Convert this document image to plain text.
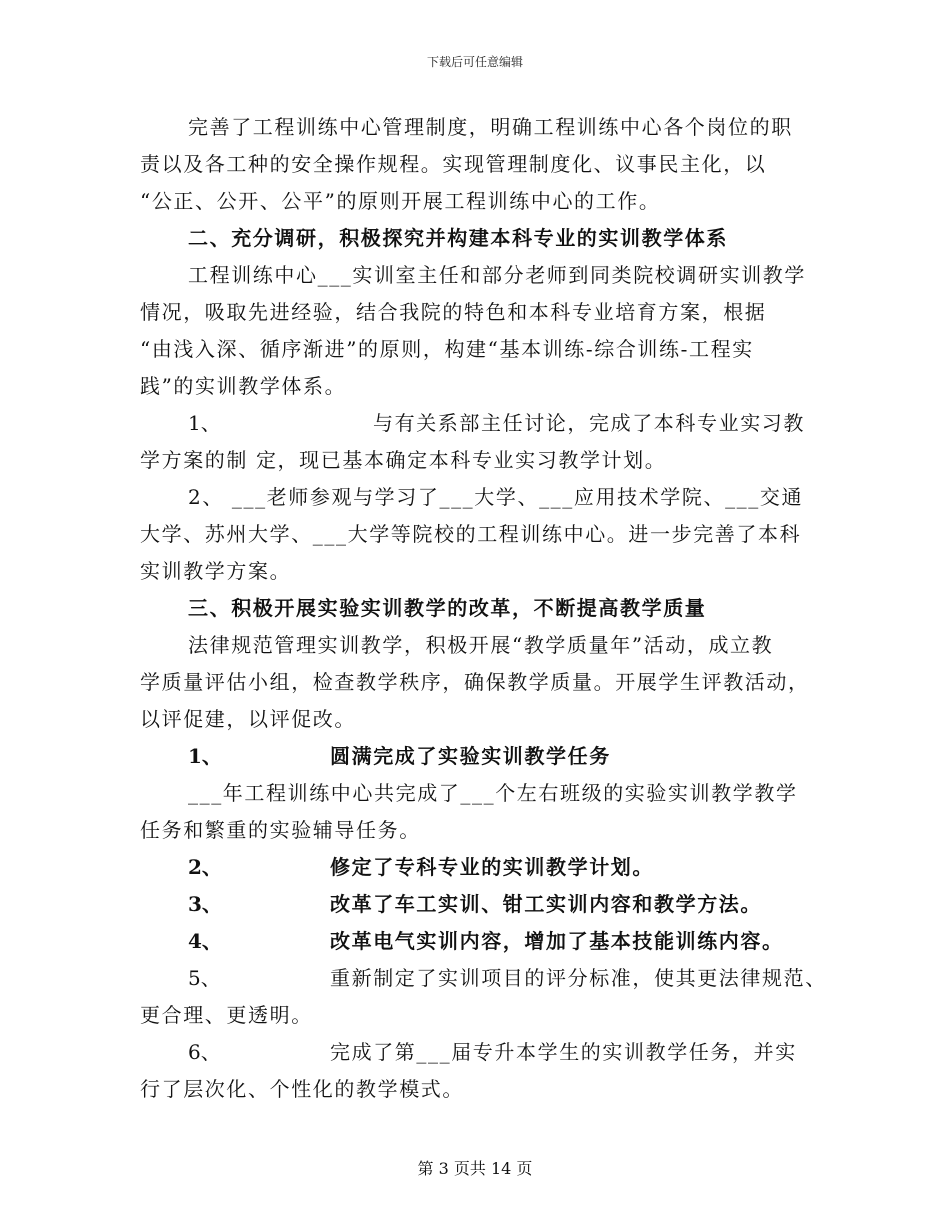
下载后可任意编辑
完善了工程训练中心管理制度，明确工程训练中心各个岗位的职
责以及各工种的安全操作规程。实现管理制度化、议事民主化，以
“公正、公开、公平”的原则开展工程训练中心的工作。
二、充分调研，积极探究并构建本科专业的实训教学体系
工程训练中心___实训室主任和部分老师到同类院校调研实训教学
情况，吸取先进经验，结合我院的特色和本科专业培育方案，根据
“由浅入深、循序渐进”的原则，构建“基本训练-综合训练-工程实
践”的实训教学体系。
1、	与有关系部主任讨论，完成了本科专业实习教
学方案的制 定，现已基本确定本科专业实习教学计划。
2、 ___老师参观与学习了___大学、___应用技术学院、___交通
大学、苏州大学、___大学等院校的工程训练中心。进一步完善了本科
实训教学方案。
三、积极开展实验实训教学的改革，不断提高教学质量
法律规范管理实训教学，积极开展“教学质量年”活动，成立教
学质量评估小组，检查教学秩序，确保教学质量。开展学生评教活动，
以评促建，以评促改。
1、	圆满完成了实验实训教学任务
___年工程训练中心共完成了___个左右班级的实验实训教学教学
任务和繁重的实验辅导任务。
2、	修定了专科专业的实训教学计划。
3、	改革了车工实训、钳工实训内容和教学方法。
4、	改革电气实训内容，增加了基本技能训练内容。
5、	重新制定了实训项目的评分标准，使其更法律规范、
更合理、更透明。
6、	完成了第___届专升本学生的实训教学任务，并实
行了层次化、个性化的教学模式。
第 3 页共 14 页
